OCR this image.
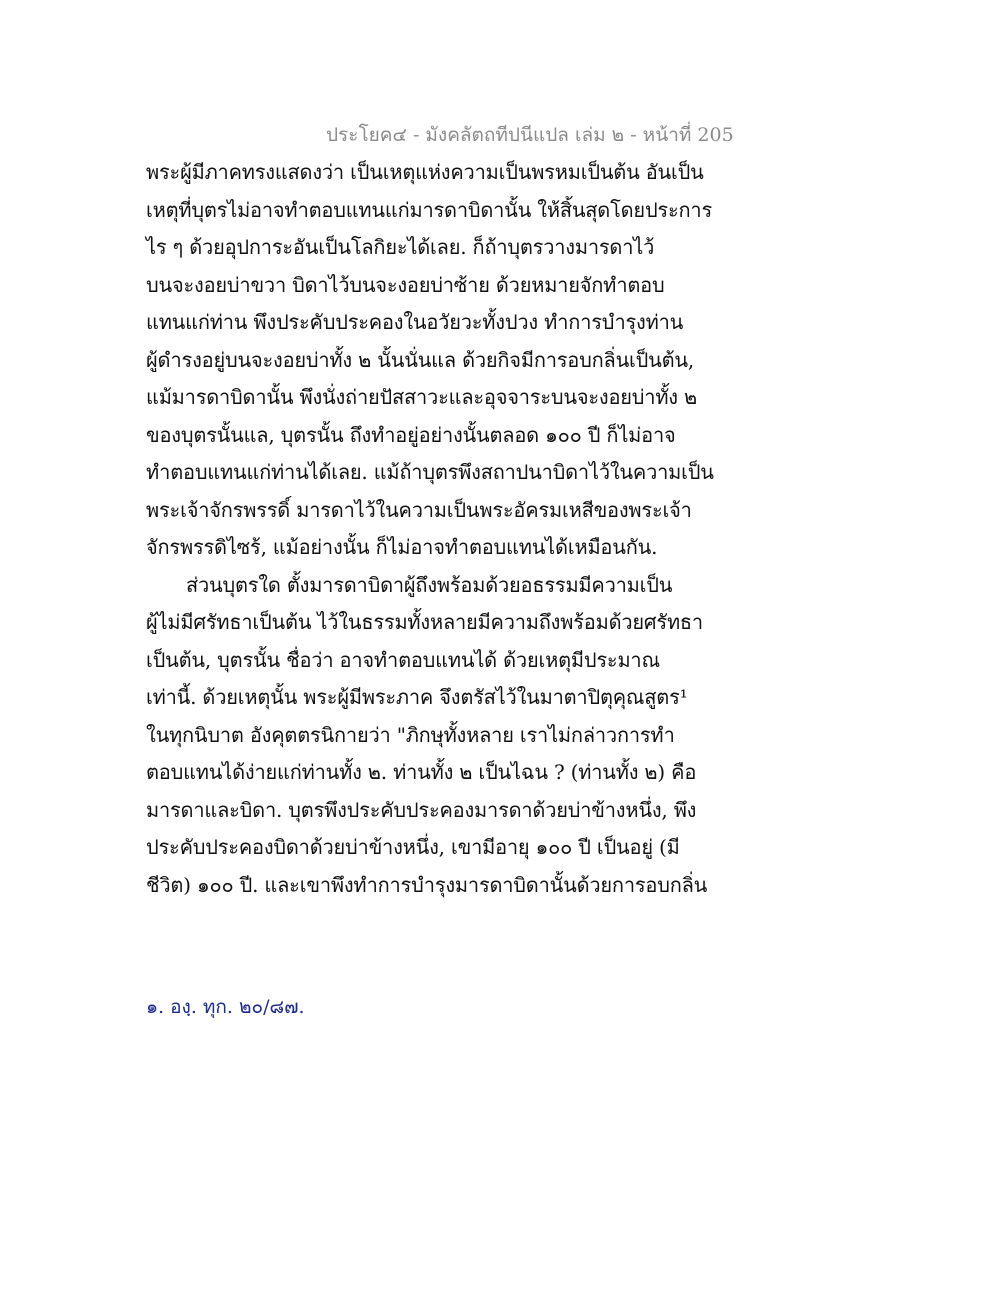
ประโยค๔ - มังคลัตถทีปนีแปล เล่ม ๒ - หน้าที่ 205
พระผู้มีภาคทรงแสดงว่า เป็นเหตุแห่งความเป็นพรหมเป็นต้น อันเป็น
เหตุที่บุตรไม่อาจทำตอบแทนแก่มารดาบิดานั้น ให้สิ้นสุดโดยประการ
ไร ๆ ด้วยอุปการะอันเป็นโลกิยะได้เลย. ก็ถ้าบุตรวางมารดาไว้
บนจะงอยบ่าขวา บิดาไว้บนจะงอยบ่าซ้าย ด้วยหมายจักทำตอบ
แทนแก่ท่าน พึงประคับประคองในอวัยวะทั้งปวง ทำการบำรุงท่าน
ผู้ดำรงอยู่บนจะงอยบ่าทั้ง ๒ นั้นนั่นแล ด้วยกิจมีการอบกลิ่นเป็นต้น,
แม้มารดาบิดานั้น พึงนั่งถ่ายปัสสาวะและอุจจาระบนจะงอยบ่าทั้ง ๒
ของบุตรนั้นแล, บุตรนั้น ถึงทำอยู่อย่างนั้นตลอด ๑๐๐ ปี ก็ไม่อาจ
ทำตอบแทนแก่ท่านได้เลย. แม้ถ้าบุตรพึงสถาปนาบิดาไว้ในความเป็น
พระเจ้าจักรพรรดิ์ มารดาไว้ในความเป็นพระอัครมเหสีของพระเจ้า
จักรพรรดิไซร้, แม้อย่างนั้น ก็ไม่อาจทำตอบแทนได้เหมือนกัน.
ส่วนบุตรใด ตั้งมารดาบิดาผู้ถึงพร้อมด้วยอธรรมมีความเป็น
ผู้ไม่มีศรัทธาเป็นต้น ไว้ในธรรมทั้งหลายมีความถึงพร้อมด้วยศรัทธา
เป็นต้น, บุตรนั้น ชื่อว่า อาจทำตอบแทนได้ ด้วยเหตุมีประมาณ
เท่านี้. ด้วยเหตุนั้น พระผู้มีพระภาค จึงตรัสไว้ในมาตาปิตุคุณสูตร¹
ในทุกนิบาต อังคุตตรนิกายว่า "ภิกษุทั้งหลาย เราไม่กล่าวการทำ
ตอบแทนได้ง่ายแก่ท่านทั้ง ๒. ท่านทั้ง ๒ เป็นไฉน ? (ท่านทั้ง ๒) คือ
มารดาและบิดา. บุตรพึงประคับประคองมารดาด้วยบ่าข้างหนึ่ง, พึง
ประคับประคองบิดาด้วยบ่าข้างหนึ่ง, เขามีอายุ ๑๐๐ ปี เป็นอยู่ (มี
ชีวิต) ๑๐๐ ปี. และเขาพึงทำการบำรุงมารดาบิดานั้นด้วยการอบกลิ่น
๑. องฺ. ทุก. ๒๐/๘๗.
